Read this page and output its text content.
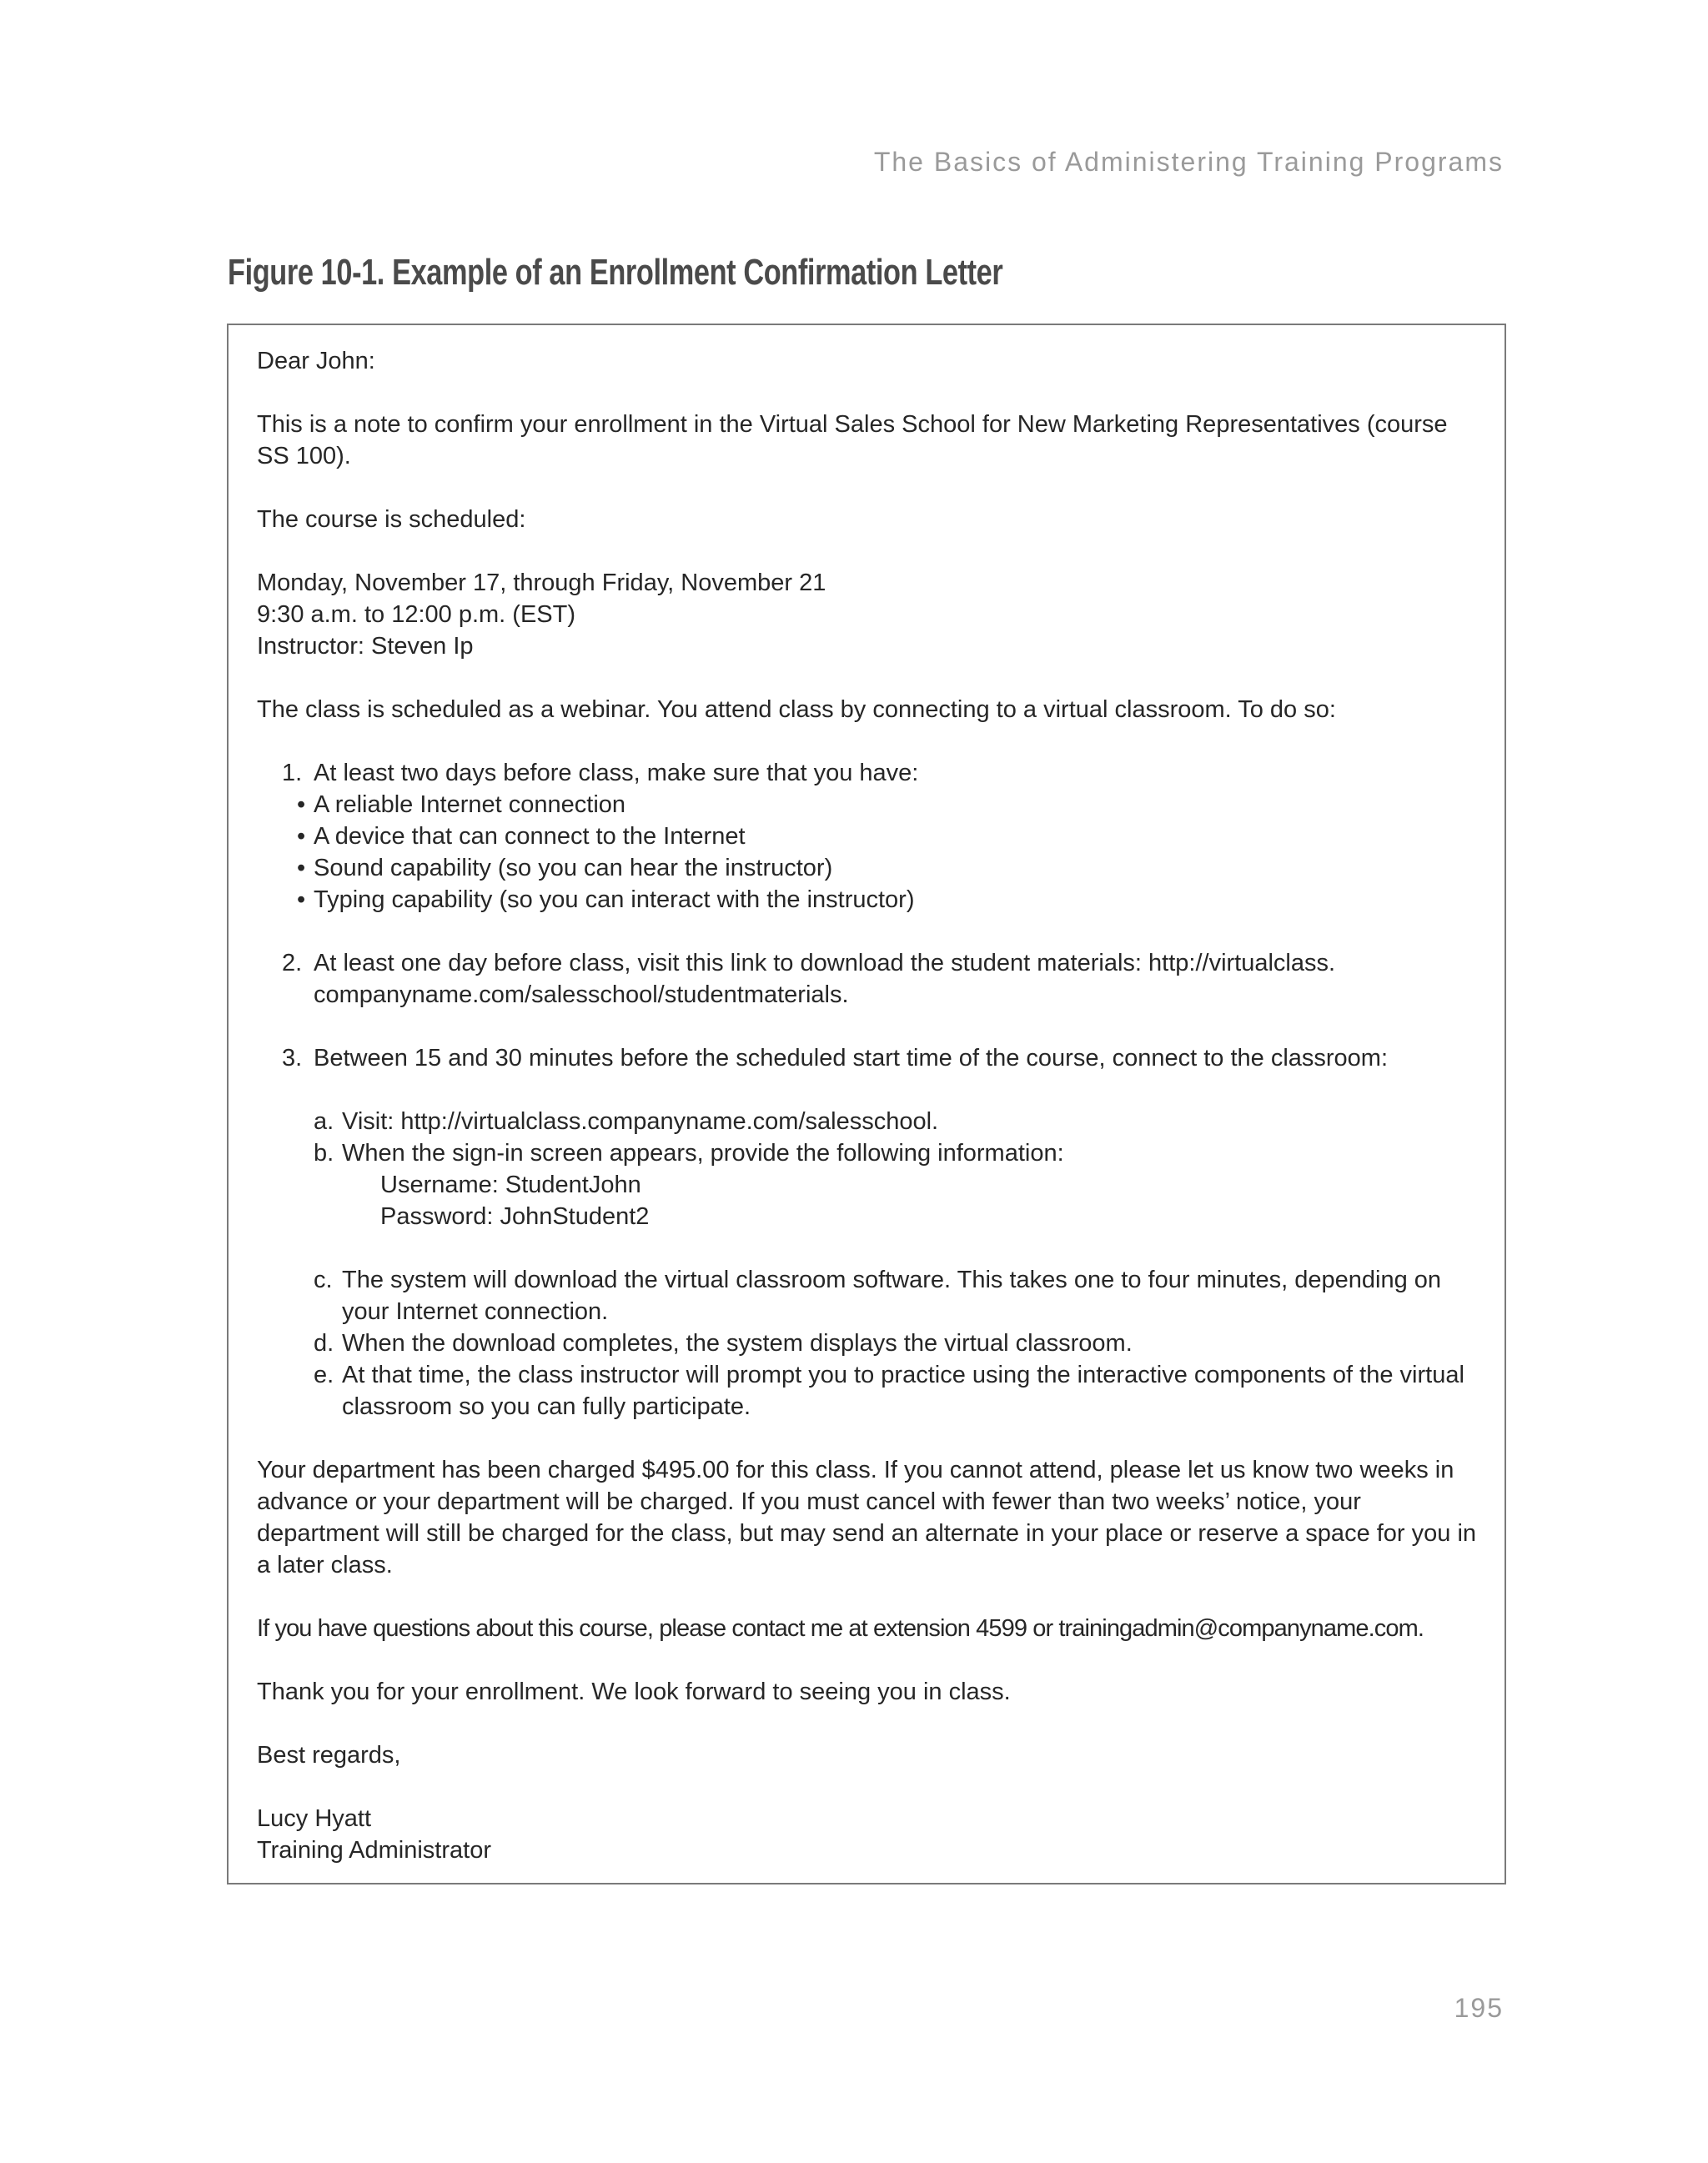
The Basics of Administering Training Programs
Figure 10-1. Example of an Enrollment Confirmation Letter

Dear John:

This is a note to confirm your enrollment in the Virtual Sales School for New Marketing Representatives (course SS 100).

The course is scheduled:

Monday, November 17, through Friday, November 21

9:30 a.m. to 12:00 p.m. (EST)

Instructor: Steven Ip

The class is scheduled as a webinar. You attend class by connecting to a virtual classroom. To do so:

1. At least two days before class, make sure that you have:
• A reliable Internet connection
• A device that can connect to the Internet
• Sound capability (so you can hear the instructor)
• Typing capability (so you can interact with the instructor)
2. At least one day before class, visit this link to download the student materials: http://virtualclass. companyname.com/salesschool/studentmaterials.
3. Between 15 and 30 minutes before the scheduled start time of the course, connect to the classroom:
a. Visit: http://virtualclass.companyname.com/salesschool.
b. When the sign-in screen appears, provide the following information:

Username: StudentJohn

Password: JohnStudent2

c. The system will download the virtual classroom software. This takes one to four minutes, depending on your Internet connection.
d. When the download completes, the system displays the virtual classroom.
e. At that time, the class instructor will prompt you to practice using the interactive components of the virtual classroom so you can fully participate.

Your department has been charged $495.00 for this class. If you cannot attend, please let us know two weeks in advance or your department will be charged. If you must cancel with fewer than two weeks’ notice, your department will still be charged for the class, but may send an alternate in your place or reserve a space for you in a later class.

If you have questions about this course, please contact me at extension 4599 or trainingadmin@companyname.com.

Thank you for your enrollment. We look forward to seeing you in class.

Best regards,

Lucy Hyatt

Training Administrator

195
